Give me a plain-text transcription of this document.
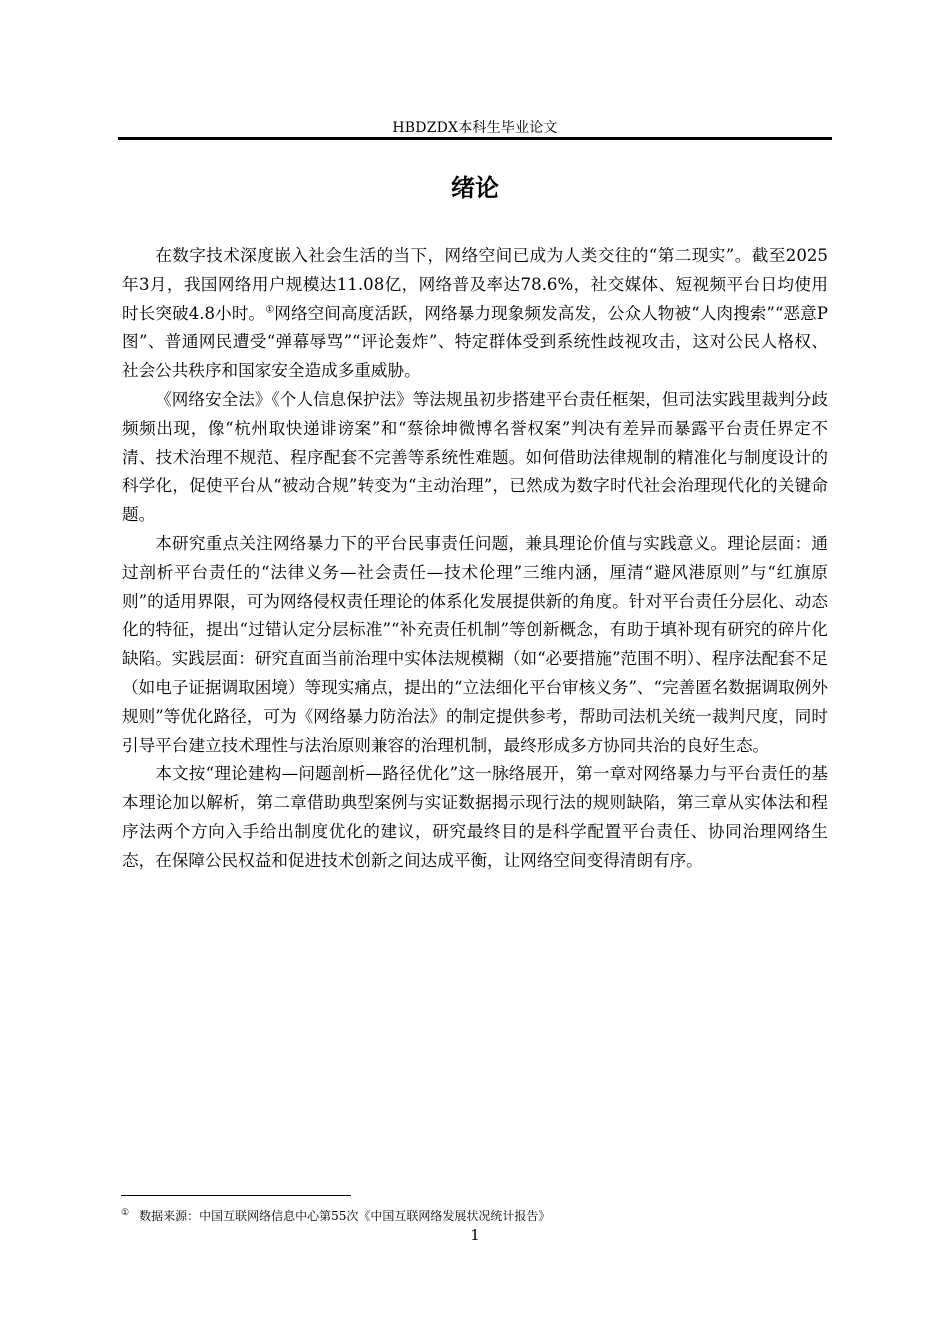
HBDZDX本科生毕业论文
绪论

在数字技术深度嵌入社会生活的当下，网络空间已成为人类交往的“第二现实”。截至2025年3月，我国网络用户规模达11.08亿，网络普及率达78.6%，社交媒体、短视频平台日均使用时长突破4.8小时。①网络空间高度活跃，网络暴力现象频发高发，公众人物被“人肉搜索”“恶意P图”、普通网民遭受“弹幕辱骂”“评论轰炸”、特定群体受到系统性歧视攻击，这对公民人格权、社会公共秩序和国家安全造成多重威胁。

《网络安全法》《个人信息保护法》等法规虽初步搭建平台责任框架，但司法实践里裁判分歧频频出现，像“杭州取快递诽谤案”和“蔡徐坤微博名誉权案”判决有差异而暴露平台责任界定不清、技术治理不规范、程序配套不完善等系统性难题。如何借助法律规制的精准化与制度设计的科学化，促使平台从“被动合规”转变为“主动治理”，已然成为数字时代社会治理现代化的关键命题。

本研究重点关注网络暴力下的平台民事责任问题，兼具理论价值与实践意义。理论层面：通过剖析平台责任的“法律义务—社会责任—技术伦理”三维内涵，厘清“避风港原则”与“红旗原则”的适用界限，可为网络侵权责任理论的体系化发展提供新的角度。针对平台责任分层化、动态化的特征，提出“过错认定分层标准”“补充责任机制”等创新概念，有助于填补现有研究的碎片化缺陷。实践层面：研究直面当前治理中实体法规模糊（如“必要措施”范围不明）、程序法配套不足（如电子证据调取困境）等现实痛点，提出的“立法细化平台审核义务”、“完善匿名数据调取例外规则”等优化路径，可为《网络暴力防治法》的制定提供参考，帮助司法机关统一裁判尺度，同时引导平台建立技术理性与法治原则兼容的治理机制，最终形成多方协同共治的良好生态。

本文按“理论建构—问题剖析—路径优化”这一脉络展开，第一章对网络暴力与平台责任的基本理论加以解析，第二章借助典型案例与实证数据揭示现行法的规则缺陷，第三章从实体法和程序法两个方向入手给出制度优化的建议，研究最终目的是科学配置平台责任、协同治理网络生态，在保障公民权益和促进技术创新之间达成平衡，让网络空间变得清朗有序。

① 数据来源：中国互联网络信息中心第55次《中国互联网络发展状况统计报告》
1
